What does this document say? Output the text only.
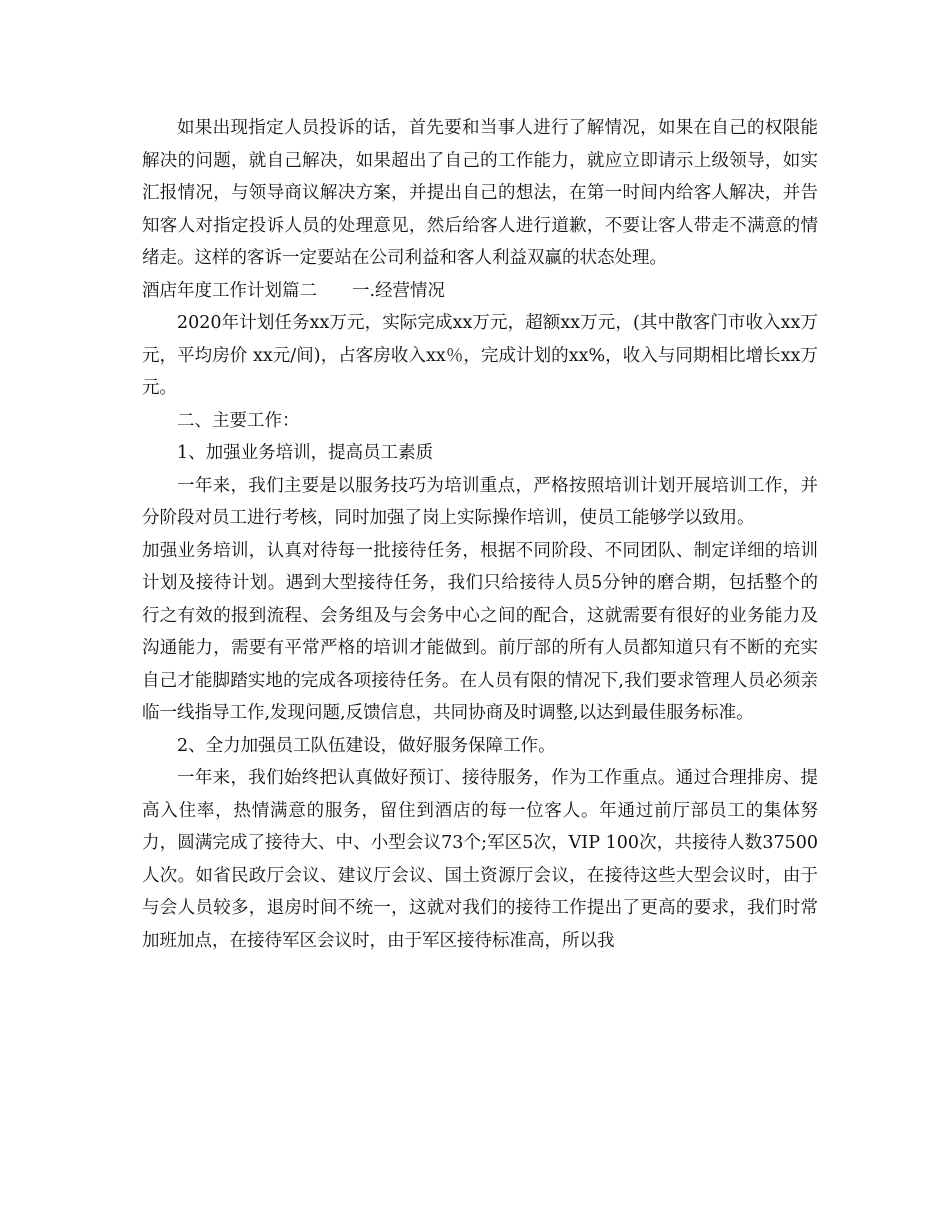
如果出现指定人员投诉的话，首先要和当事人进行了解情况，如果在自己的权限能解决的问题，就自己解决，如果超出了自己的工作能力，就应立即请示上级领导，如实汇报情况，与领导商议解决方案，并提出自己的想法，在第一时间内给客人解决，并告知客人对指定投诉人员的处理意见，然后给客人进行道歉，不要让客人带走不满意的情绪走。这样的客诉一定要站在公司利益和客人利益双赢的状态处理。

酒店年度工作计划篇二　　一.经营情况

2020年计划任务xx万元，实际完成xx万元，超额xx万元，(其中散客门市收入xx万元，平均房价 xx元/间)，占客房收入xx％，完成计划的xx%，收入与同期相比增长xx万元。

二、主要工作：

1、加强业务培训，提高员工素质

一年来，我们主要是以服务技巧为培训重点，严格按照培训计划开展培训工作，并分阶段对员工进行考核，同时加强了岗上实际操作培训，使员工能够学以致用。

加强业务培训，认真对待每一批接待任务，根据不同阶段、不同团队、制定详细的培训计划及接待计划。遇到大型接待任务，我们只给接待人员5分钟的磨合期，包括整个的行之有效的报到流程、会务组及与会务中心之间的配合，这就需要有很好的业务能力及沟通能力，需要有平常严格的培训才能做到。前厅部的所有人员都知道只有不断的充实自己才能脚踏实地的完成各项接待任务。在人员有限的情况下,我们要求管理人员必须亲临一线指导工作,发现问题,反馈信息，共同协商及时调整,以达到最佳服务标准。

2、全力加强员工队伍建设，做好服务保障工作。

一年来，我们始终把认真做好预订、接待服务，作为工作重点。通过合理排房、提高入住率，热情满意的服务，留住到酒店的每一位客人。年通过前厅部员工的集体努力，圆满完成了接待大、中、小型会议73个;军区5次，VIP 100次，共接待人数37500人次。如省民政厅会议、建议厅会议、国土资源厅会议，在接待这些大型会议时，由于与会人员较多，退房时间不统一，这就对我们的接待工作提出了更高的要求，我们时常加班加点，在接待军区会议时，由于军区接待标准高，所以我
